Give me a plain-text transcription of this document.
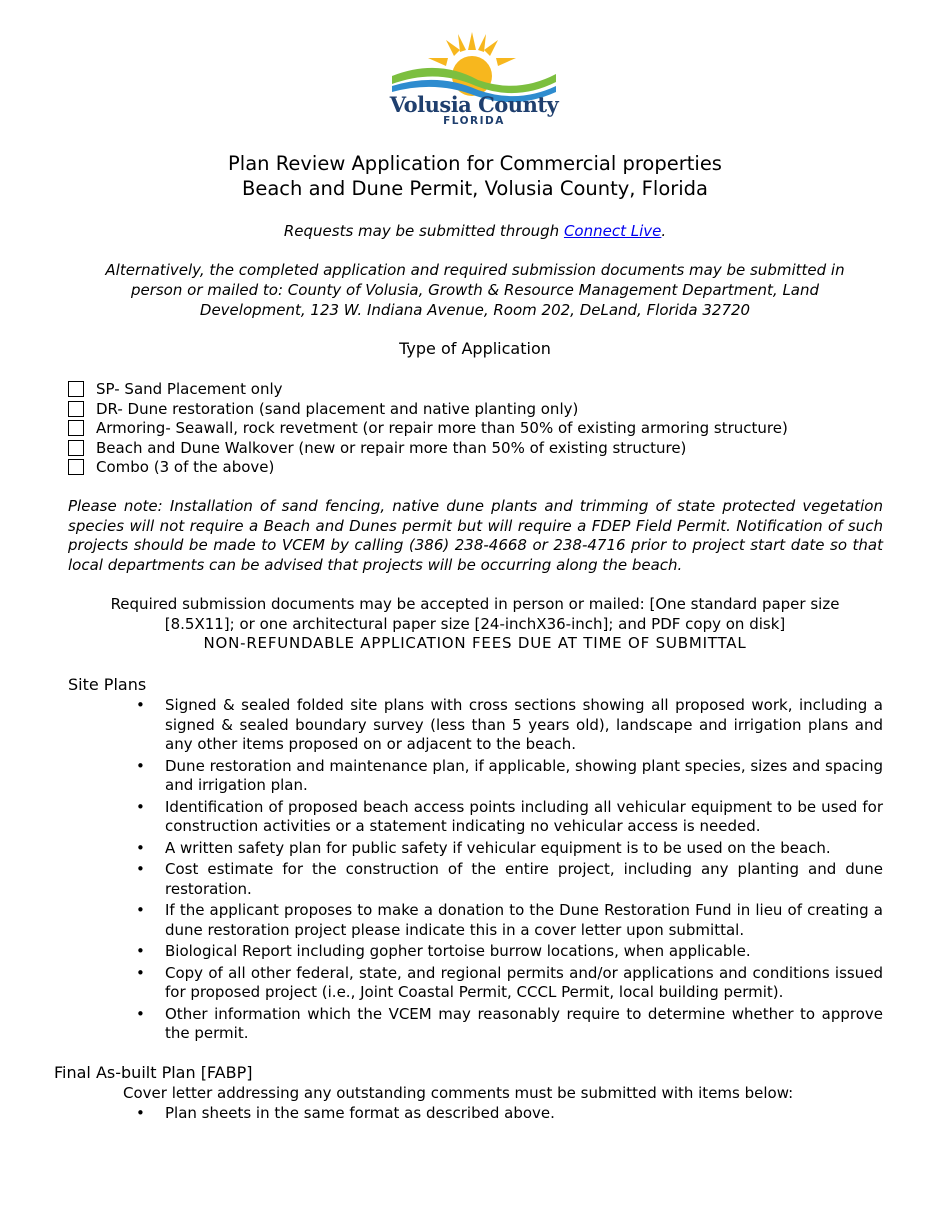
Volusia County
FLORIDA
Plan Review Application for Commercial properties
Beach and Dune Permit, Volusia County, Florida
Requests may be submitted through Connect Live.
Alternatively, the completed application and required submission documents may be submitted in
person or mailed to: County of Volusia, Growth & Resource Management Department, Land
Development, 123 W. Indiana Avenue, Room 202, DeLand, Florida 32720
Type of Application
SP- Sand Placement only
DR- Dune restoration (sand placement and native planting only)
Armoring- Seawall, rock revetment (or repair more than 50% of existing armoring structure)
Beach and Dune Walkover (new or repair more than 50% of existing structure)
Combo (3 of the above)
Please note: Installation of sand fencing, native dune plants and trimming of state protected vegetation species will not require a Beach and Dunes permit but will require a FDEP Field Permit. Notification of such projects should be made to VCEM by calling (386) 238-4668 or 238-4716 prior to project start date so that local departments can be advised that projects will be occurring along the beach.
Required submission documents may be accepted in person or mailed: [One standard paper size
[8.5X11]; or one architectural paper size [24-inchX36-inch]; and PDF copy on disk]
NON-REFUNDABLE APPLICATION FEES DUE AT TIME OF SUBMITTAL
Site Plans
• Signed & sealed folded site plans with cross sections showing all proposed work, including a signed & sealed boundary survey (less than 5 years old), landscape and irrigation plans and any other items proposed on or adjacent to the beach.
• Dune restoration and maintenance plan, if applicable, showing plant species, sizes and spacing and irrigation plan.
• Identification of proposed beach access points including all vehicular equipment to be used for construction activities or a statement indicating no vehicular access is needed.
• A written safety plan for public safety if vehicular equipment is to be used on the beach.
• Cost estimate for the construction of the entire project, including any planting and dune restoration.
• If the applicant proposes to make a donation to the Dune Restoration Fund in lieu of creating a dune restoration project please indicate this in a cover letter upon submittal.
• Biological Report including gopher tortoise burrow locations, when applicable.
• Copy of all other federal, state, and regional permits and/or applications and conditions issued for proposed project (i.e., Joint Coastal Permit, CCCL Permit, local building permit).
• Other information which the VCEM may reasonably require to determine whether to approve the permit.
Final As-built Plan [FABP]
Cover letter addressing any outstanding comments must be submitted with items below:
• Plan sheets in the same format as described above.
